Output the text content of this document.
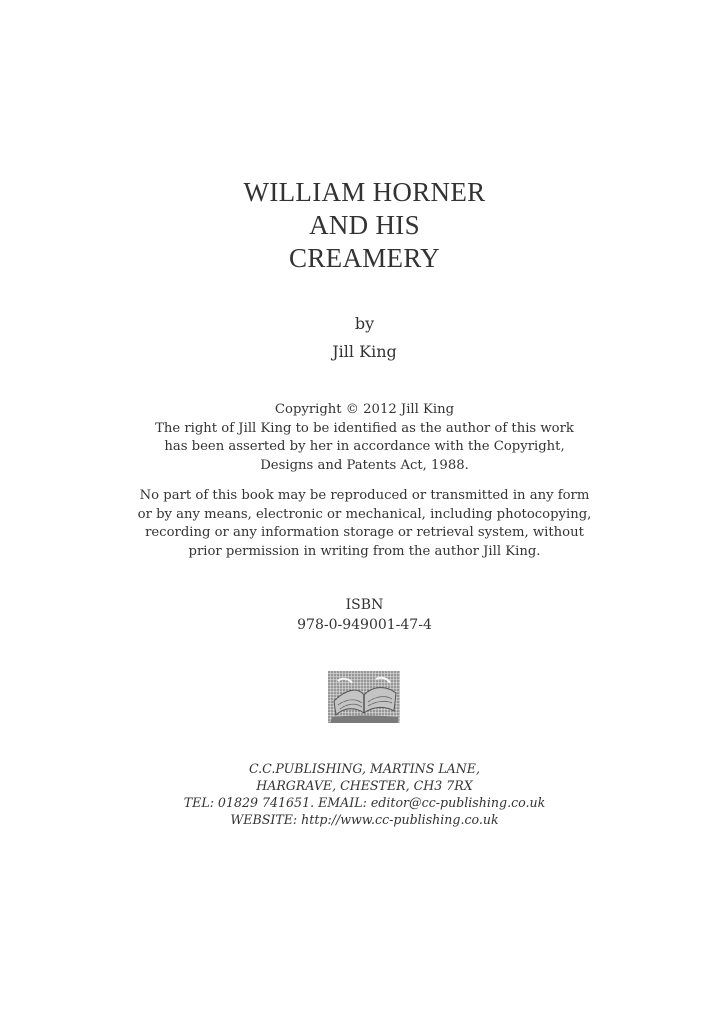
WILLIAM HORNER
AND HIS
CREAMERY
by
Jill King
Copyright © 2012 Jill King
The right of Jill King to be identified as the author of this work
has been asserted by her in accordance with the Copyright,
Designs and Patents Act, 1988.
No part of this book may be reproduced or transmitted in any form
or by any means, electronic or mechanical, including photocopying,
recording or any information storage or retrieval system, without
prior permission in writing from the author Jill King.
ISBN
978-0-949001-47-4
C.C.PUBLISHING, MARTINS LANE,
HARGRAVE, CHESTER, CH3 7RX
TEL: 01829 741651. EMAIL: editor@cc-publishing.co.uk
WEBSITE: http://www.cc-publishing.co.uk
